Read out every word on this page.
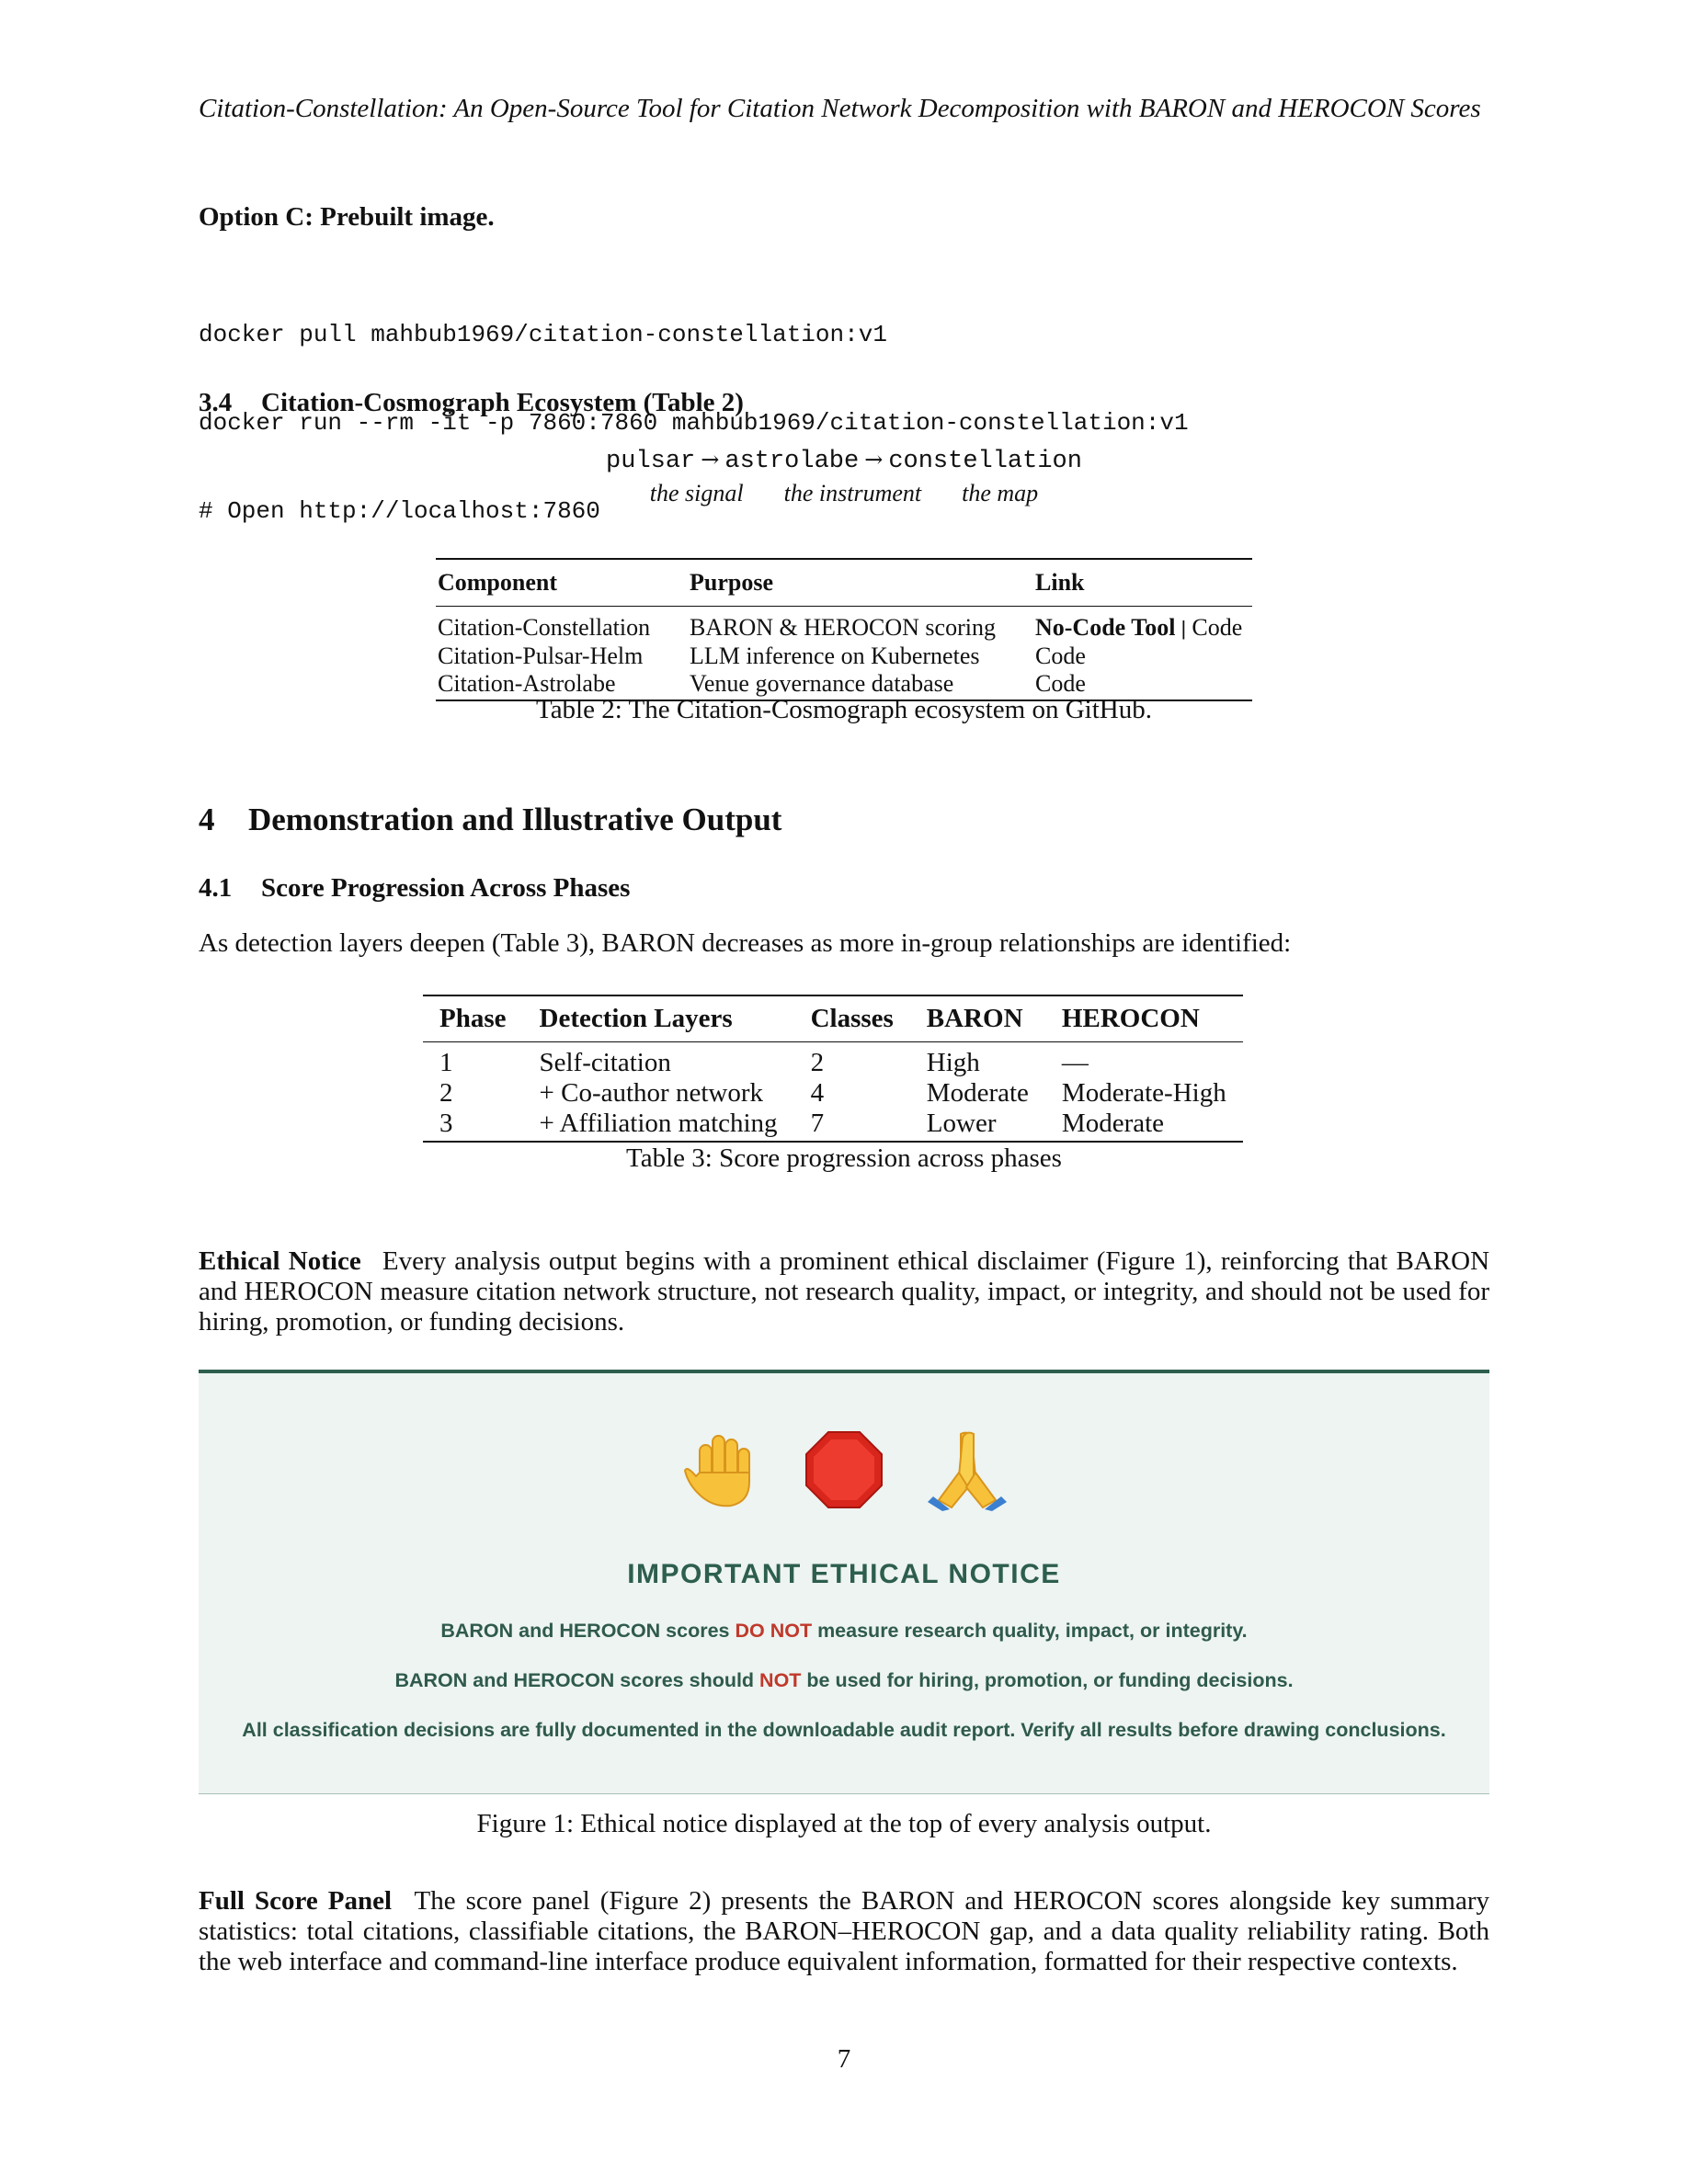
Citation-Constellation: An Open-Source Tool for Citation Network Decomposition with BARON and HEROCON Scores
Option C: Prebuilt image.

docker pull mahbub1969/citation-constellation:v1

docker run --rm -it -p 7860:7860 mahbub1969/citation-constellation:v1

# Open http://localhost:7860

3.4 Citation-Cosmograph Ecosystem (Table 2)
pulsar → astrolabe → constellation
the signal the instrument the map
Component	Purpose	Link
Citation-Constellation	BARON & HEROCON scoring	No-Code Tool | Code
Citation-Pulsar-Helm	LLM inference on Kubernetes	Code
Citation-Astrolabe	Venue governance database	Code
Table 2: The Citation-Cosmograph ecosystem on GitHub.
4 Demonstration and Illustrative Output
4.1 Score Progression Across Phases
As detection layers deepen (Table 3), BARON decreases as more in-group relationships are identified:
Phase	Detection Layers	Classes	BARON	HEROCON
1	Self-citation	2	High	—
2	+ Co-author network	4	Moderate	Moderate-High
3	+ Affiliation matching	7	Lower	Moderate
Table 3: Score progression across phases
Ethical Notice Every analysis output begins with a prominent ethical disclaimer (Figure 1), reinforcing that BARON and HEROCON measure citation network structure, not research quality, impact, or integrity, and should not be used for hiring, promotion, or funding decisions.

IMPORTANT ETHICAL NOTICE
BARON and HEROCON scores DO NOT measure research quality, impact, or integrity.
BARON and HEROCON scores should NOT be used for hiring, promotion, or funding decisions.
All classification decisions are fully documented in the downloadable audit report. Verify all results before drawing conclusions.
Figure 1: Ethical notice displayed at the top of every analysis output.
Full Score Panel The score panel (Figure 2) presents the BARON and HEROCON scores alongside key summary statistics: total citations, classifiable citations, the BARON–HEROCON gap, and a data quality reliability rating. Both the web interface and command-line interface produce equivalent information, formatted for their respective contexts.
7
